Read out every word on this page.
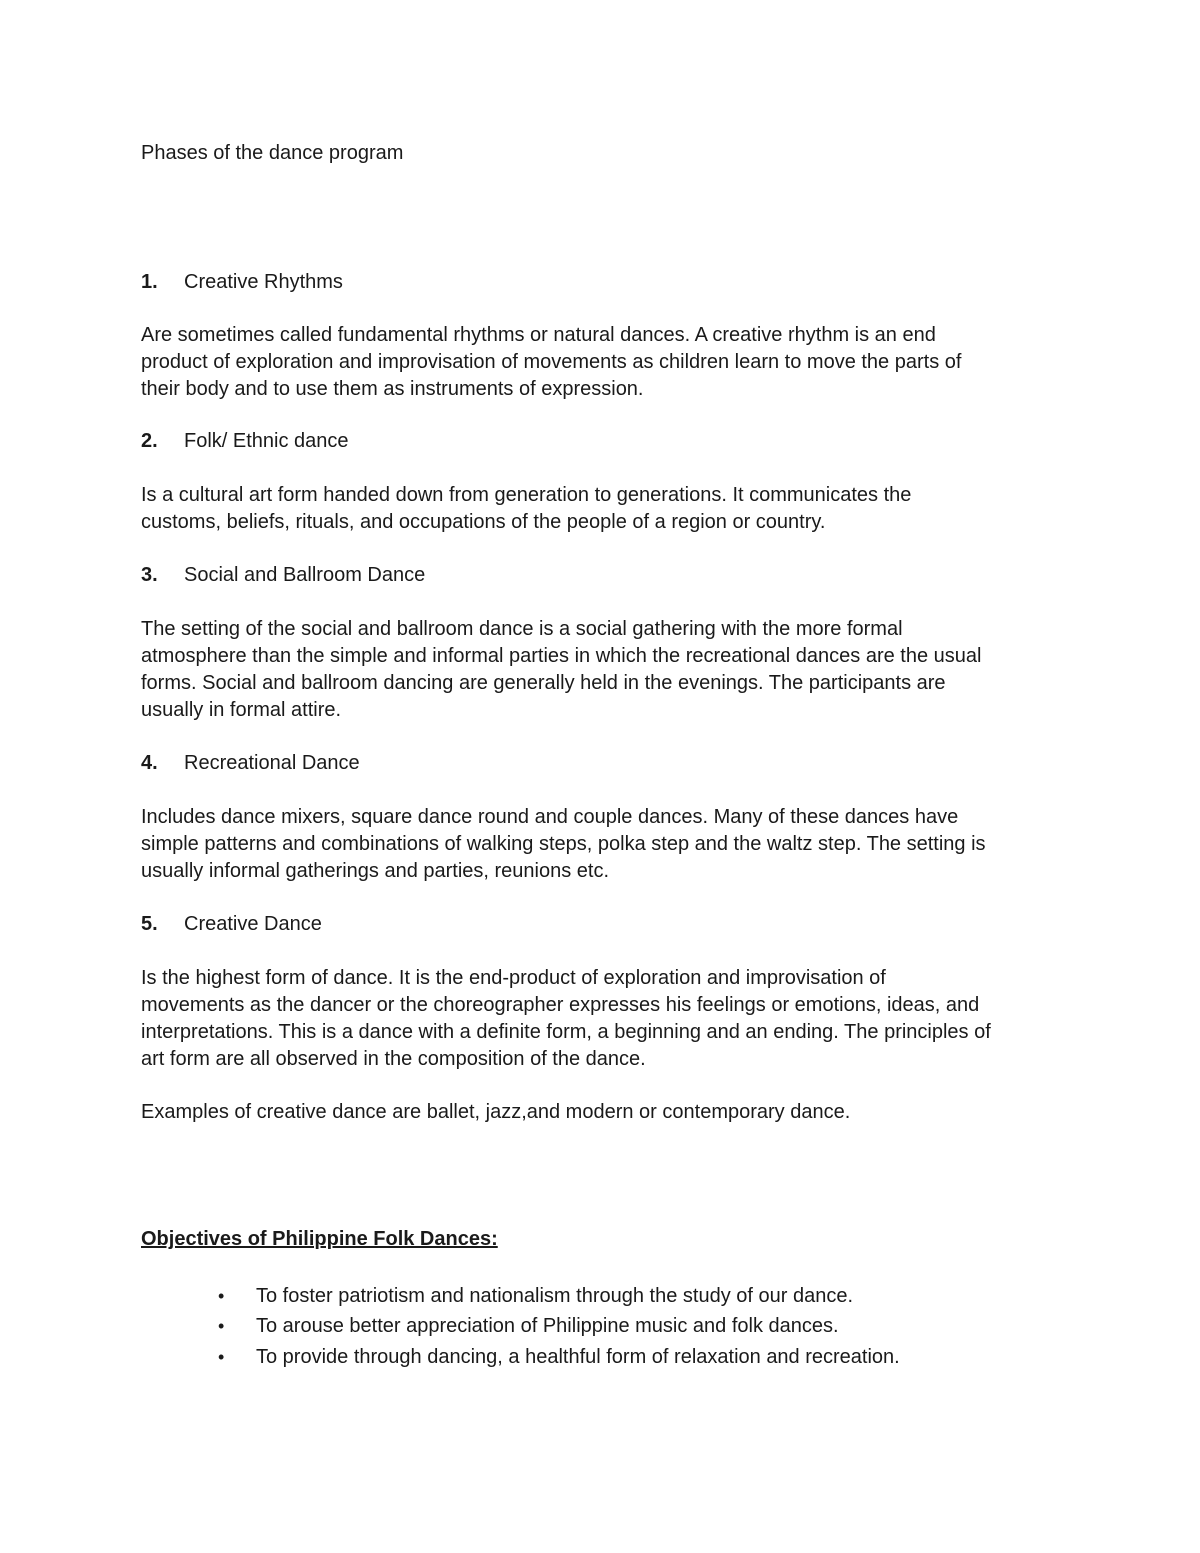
Phases of the dance program
1. Creative Rhythms
Are sometimes called fundamental rhythms or natural dances. A creative rhythm is an end
product of exploration and improvisation of movements as children learn to move the parts of
their body and to use them as instruments of expression.
2. Folk/ Ethnic dance
Is a cultural art form handed down from generation to generations. It communicates the
customs, beliefs, rituals, and occupations of the people of a region or country.
3. Social and Ballroom Dance
The setting of the social and ballroom dance is a social gathering with the more formal
atmosphere than the simple and informal parties in which the recreational dances are the usual
forms. Social and ballroom dancing are generally held in the evenings. The participants are
usually in formal attire.
4. Recreational Dance
Includes dance mixers, square dance round and couple dances. Many of these dances have
simple patterns and combinations of walking steps, polka step and the waltz step. The setting is
usually informal gatherings and parties, reunions etc.
5. Creative Dance
Is the highest form of dance. It is the end-product of exploration and improvisation of
movements as the dancer or the choreographer expresses his feelings or emotions, ideas, and
interpretations. This is a dance with a definite form, a beginning and an ending. The principles of
art form are all observed in the composition of the dance.
Examples of creative dance are ballet, jazz,and modern or contemporary dance.
Objectives of Philippine Folk Dances:
• To foster patriotism and nationalism through the study of our dance.
• To arouse better appreciation of Philippine music and folk dances.
• To provide through dancing, a healthful form of relaxation and recreation.
